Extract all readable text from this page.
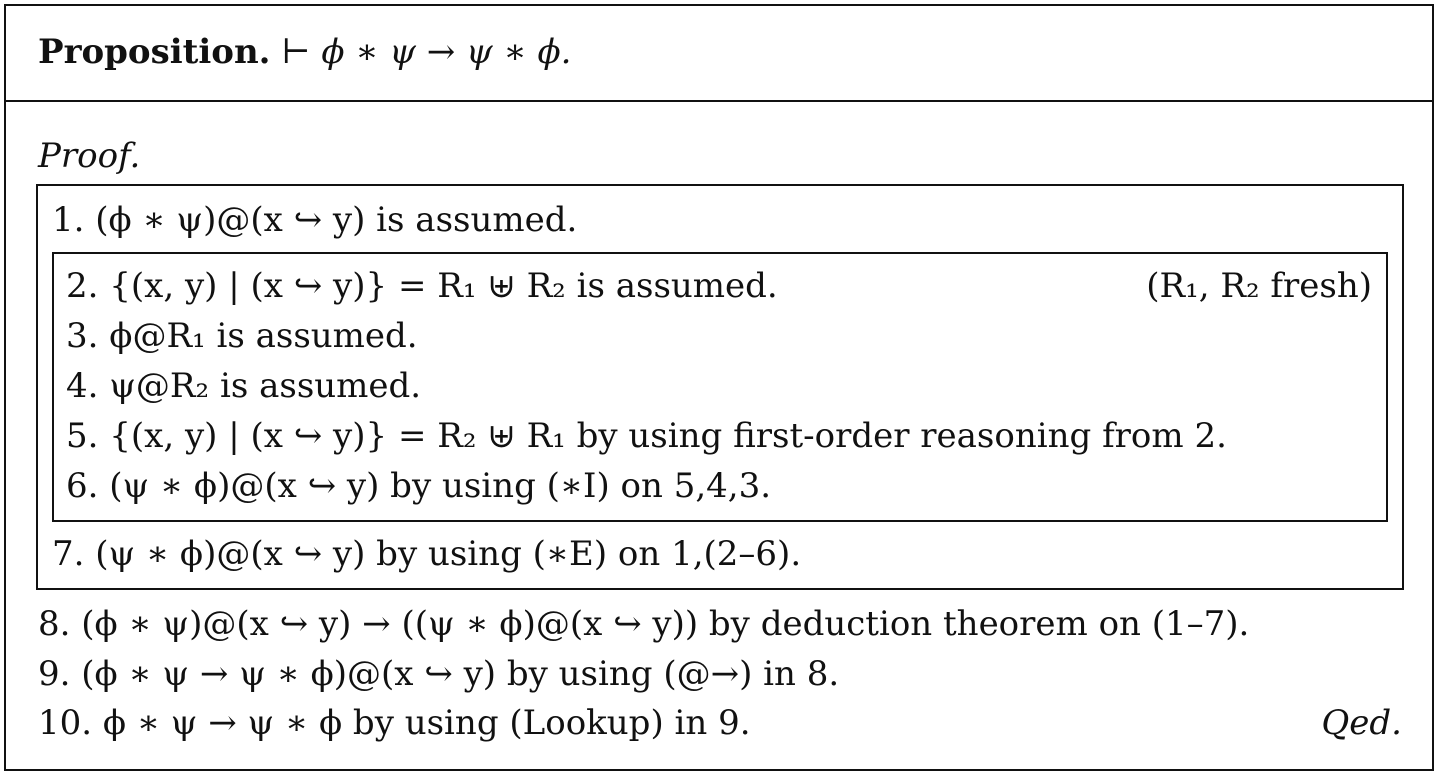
Proposition. ⊢ ϕ ∗ ψ → ψ ∗ ϕ.
Proof.
1. (ϕ ∗ ψ)@(x ↪ y) is assumed.
2. {(x, y) | (x ↪ y)} = R₁ ⊎ R₂ is assumed.	(R₁, R₂ fresh)
3. ϕ@R₁ is assumed.
4. ψ@R₂ is assumed.
5. {(x, y) | (x ↪ y)} = R₂ ⊎ R₁ by using first-order reasoning from 2.
6. (ψ ∗ ϕ)@(x ↪ y) by using (∗I) on 5,4,3.
7. (ψ ∗ ϕ)@(x ↪ y) by using (∗E) on 1,(2–6).
8. (ϕ ∗ ψ)@(x ↪ y) → ((ψ ∗ ϕ)@(x ↪ y)) by deduction theorem on (1–7).
9. (ϕ ∗ ψ → ψ ∗ ϕ)@(x ↪ y) by using (@→) in 8.
10. ϕ ∗ ψ → ψ ∗ ϕ by using (Lookup) in 9.	Qed.
